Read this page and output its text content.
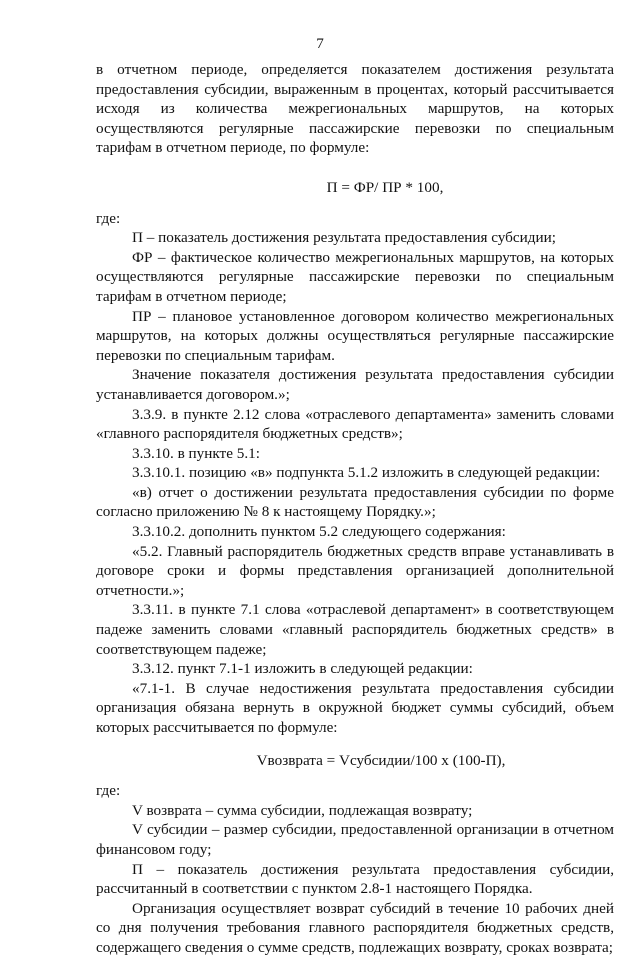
7

в отчетном периоде, определяется показателем достижения результата предоставления субсидии, выраженным в процентах, который рассчитывается исходя из количества межрегиональных маршрутов, на которых осуществляются регулярные пассажирские перевозки по специальным тарифам в отчетном периоде, по формуле:

П = ФР/ ПР * 100,

где:

П – показатель достижения результата предоставления субсидии;

ФР – фактическое количество межрегиональных маршрутов, на которых осуществляются регулярные пассажирские перевозки по специальным тарифам в отчетном периоде;

ПР – плановое установленное договором количество межрегиональных маршрутов, на которых должны осуществляться регулярные пассажирские перевозки по специальным тарифам.

Значение показателя достижения результата предоставления субсидии устанавливается договором.»;

3.3.9. в пункте 2.12 слова «отраслевого департамента» заменить словами «главного распорядителя бюджетных средств»;

3.3.10. в пункте 5.1:

3.3.10.1. позицию «в» подпункта 5.1.2 изложить в следующей редакции:

«в) отчет о достижении результата предоставления субсидии по форме согласно приложению № 8 к настоящему Порядку.»;

3.3.10.2. дополнить пунктом 5.2 следующего содержания:

«5.2. Главный распорядитель бюджетных средств вправе устанавливать в договоре сроки и формы представления организацией дополнительной отчетности.»;

3.3.11. в пункте 7.1 слова «отраслевой департамент» в соответствующем падеже заменить словами «главный распорядитель бюджетных средств» в соответствующем падеже;

3.3.12. пункт 7.1-1 изложить в следующей редакции:

«7.1-1. В случае недостижения результата предоставления субсидии организация обязана вернуть в окружной бюджет суммы субсидий, объем которых рассчитывается по формуле:

Vвозврата = Vсубсидии/100 x (100-П),

где:

V возврата – сумма субсидии, подлежащая возврату;

V субсидии – размер субсидии, предоставленной организации в отчетном финансовом году;

П – показатель достижения результата предоставления субсидии, рассчитанный в соответствии с пунктом 2.8-1 настоящего Порядка.

Организация осуществляет возврат субсидий в течение 10 рабочих дней со дня получения требования главного распорядителя бюджетных средств, содержащего сведения о сумме средств, подлежащих возврату, сроках возврата;
